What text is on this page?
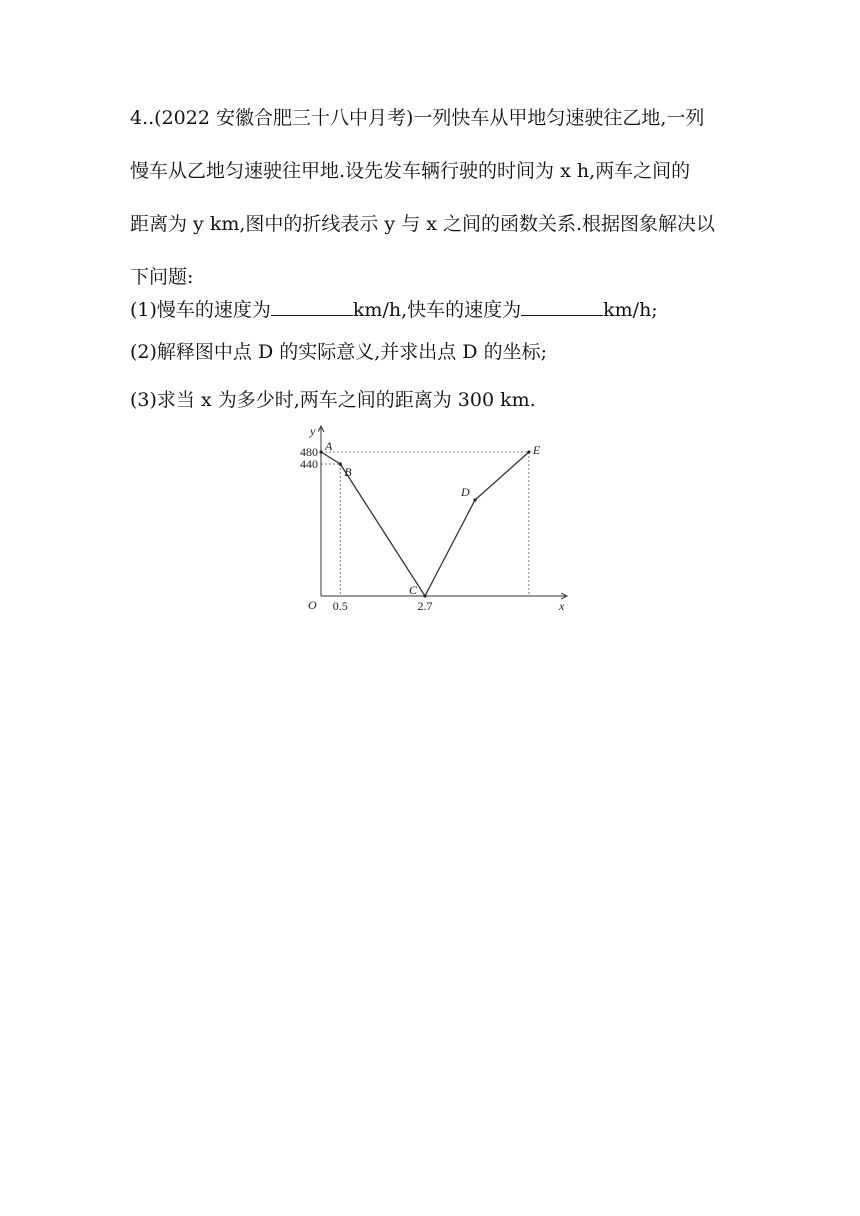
4..(2022 安徽合肥三十八中月考)一列快车从甲地匀速驶往乙地,一列
慢车从乙地匀速驶往甲地.设先发车辆行驶的时间为 x h,两车之间的
距离为 y km,图中的折线表示 y 与 x 之间的函数关系.根据图象解决以
下问题:
(1)慢车的速度为	km/h,快车的速度为	km/h;
(2)解释图中点 D 的实际意义,并求出点 D 的坐标;
(3)求当 x 为多少时,两车之间的距离为 300 km.
x
y
O
480
440
0.5	2.7
A
B
C
D
E
